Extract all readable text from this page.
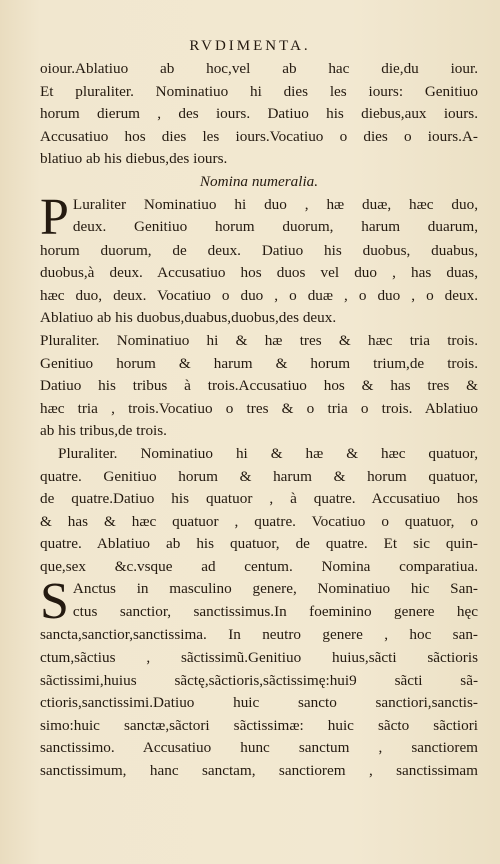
RVDIMENTA.
oiour.Ablatiuo ab hoc,vel ab hac die,du iour.
Et pluraliter. Nominatiuo hi dies les iours: Genitiuo
horum dierum , des iours. Datiuo his diebus,aux iours.
Accusatiuo hos dies les iours.Vocatiuo o dies o iours.A-
blatiuo ab his diebus,des iours.
Nomina numeralia.
P Luraliter Nominatiuo hi duo , hæ duæ, hæc duo,
deux. Genitiuo horum duorum, harum duarum,
horum duorum, de deux. Datiuo his duobus, duabus,
duobus,à deux. Accusatiuo hos duos vel duo , has duas,
hæc duo, deux. Vocatiuo o duo , o duæ , o duo , o deux.
Ablatiuo ab his duobus,duabus,duobus,des deux.
Pluraliter. Nominatiuo hi & hæ tres & hæc tria trois.
Genitiuo horum & harum & horum trium,de trois.
Datiuo his tribus à trois.Accusatiuo hos & has tres &
hæc tria , trois.Vocatiuo o tres & o tria o trois. Ablatiuo
ab his tribus,de trois.
Pluraliter. Nominatiuo hi & hæ & hæc quatuor,
quatre. Genitiuo horum & harum & horum quatuor,
de quatre.Datiuo his quatuor , à quatre. Accusatiuo hos
& has & hæc quatuor , quatre. Vocatiuo o quatuor, o
quatre. Ablatiuo ab his quatuor, de quatre. Et sic quin-
que,sex &c.vsque ad centum. Nomina comparatiua.
S Anctus in masculino genere, Nominatiuo hic San-
ctus sanctior, sanctissimus.In foeminino genere hęc
sancta,sanctior,sanctissima. In neutro genere , hoc san-
ctum,sãctius , sãctissimũ.Genitiuo huius,sãcti sãctioris
sãctissimi,huius sãctę,sãctioris,sãctissimę:hui9 sãcti sã-
ctioris,sanctissimi.Datiuo huic sancto sanctiori,sanctis-
simo:huic sanctæ,sãctori sãctissimæ: huic sãcto sãctiori
sanctissimo. Accusatiuo hunc sanctum , sanctiorem
sanctissimum, hanc sanctam, sanctiorem , sanctissimam
